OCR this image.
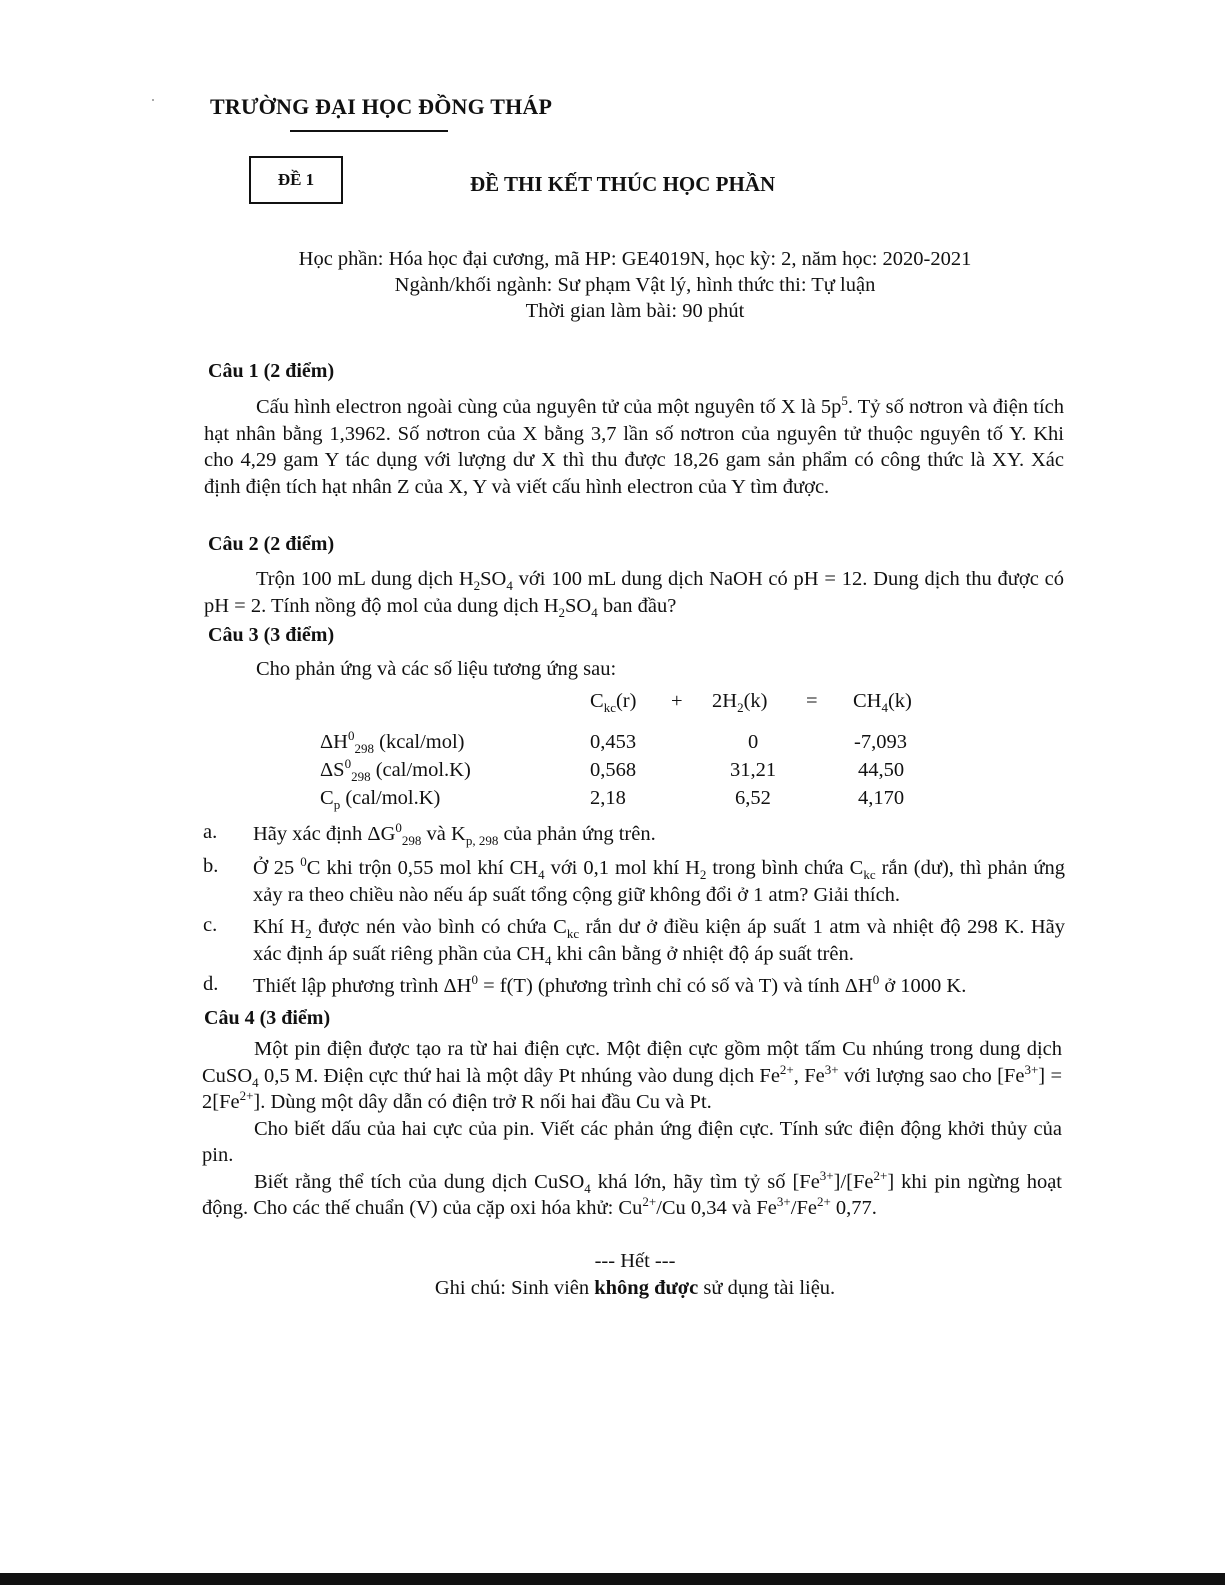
TRƯỜNG ĐẠI HỌC ĐỒNG THÁP
ĐỀ 1	ĐỀ THI KẾT THÚC HỌC PHẦN
Học phần: Hóa học đại cương, mã HP: GE4019N, học kỳ: 2, năm học: 2020-2021
Ngành/khối ngành: Sư phạm Vật lý, hình thức thi: Tự luận
Thời gian làm bài: 90 phút
Câu 1 (2 điểm)

Cấu hình electron ngoài cùng của nguyên tử của một nguyên tố X là $5p^5$. Tỷ số nơtron và điện tích hạt nhân bằng 1,3962. Số nơtron của X bằng 3,7 lần số nơtron của nguyên tử thuộc nguyên tố Y. Khi cho 4,29 gam Y tác dụng với lượng dư X thì thu được 18,26 gam sản phẩm có công thức là XY. Xác định điện tích hạt nhân Z của X, Y và viết cấu hình electron của Y tìm được.

Câu 2 (2 điểm)

Trộn 100 mL dung dịch $H_2SO_4$ với 100 mL dung dịch NaOH có pH = 12. Dung dịch thu được có pH = 2. Tính nồng độ mol của dung dịch $H_2SO_4$ ban đầu?

Câu 3 (3 điểm)
Cho phản ứng và các số liệu tương ứng sau:
$C_{kc}(r) + 2H_2(k) = CH_4(k)$
$\Delta H^0_{298}$ (kcal/mol)	0,453	0	-7,093
$\Delta S^0_{298}$ (cal/mol.K)	0,568	31,21	44,50
$C_p$ (cal/mol.K)	2,18	6,52	4,170
a. Hãy xác định $\Delta G^0_{298}$ và $K_{p, 298}$ của phản ứng trên.
b. Ở 25 $^0$C khi trộn 0,55 mol khí $CH_4$ với 0,1 mol khí $H_2$ trong bình chứa $C_{kc}$ rắn (dư), thì phản ứng xảy ra theo chiều nào nếu áp suất tổng cộng giữ không đổi ở 1 atm? Giải thích.
c. Khí $H_2$ được nén vào bình có chứa $C_{kc}$ rắn dư ở điều kiện áp suất 1 atm và nhiệt độ 298 K. Hãy xác định áp suất riêng phần của $CH_4$ khi cân bằng ở nhiệt độ áp suất trên.
d. Thiết lập phương trình $\Delta H^0 = f(T)$ (phương trình chỉ có số và T) và tính $\Delta H^0$ ở 1000 K.
Câu 4 (3 điểm)

Một pin điện được tạo ra từ hai điện cực. Một điện cực gồm một tấm Cu nhúng trong dung dịch CuSO$_4$ 0,5 M. Điện cực thứ hai là một dây Pt nhúng vào dung dịch $Fe^{2+}$, $Fe^{3+}$ với lượng sao cho $[Fe^{3+}] = 2[Fe^{2+}]$. Dùng một dây dẫn có điện trở R nối hai đầu Cu và Pt.

Cho biết dấu của hai cực của pin. Viết các phản ứng điện cực. Tính sức điện động khởi thủy của pin.

Biết rằng thể tích của dung dịch CuSO$_4$ khá lớn, hãy tìm tỷ số $[Fe^{3+}]/[Fe^{2+}]$ khi pin ngừng hoạt động. Cho các thế chuẩn (V) của cặp oxi hóa khử: $Cu^{2+}/Cu$ 0,34 và $Fe^{3+}/Fe^{2+}$ 0,77.

--- Hết ---
Ghi chú: Sinh viên không được sử dụng tài liệu.
